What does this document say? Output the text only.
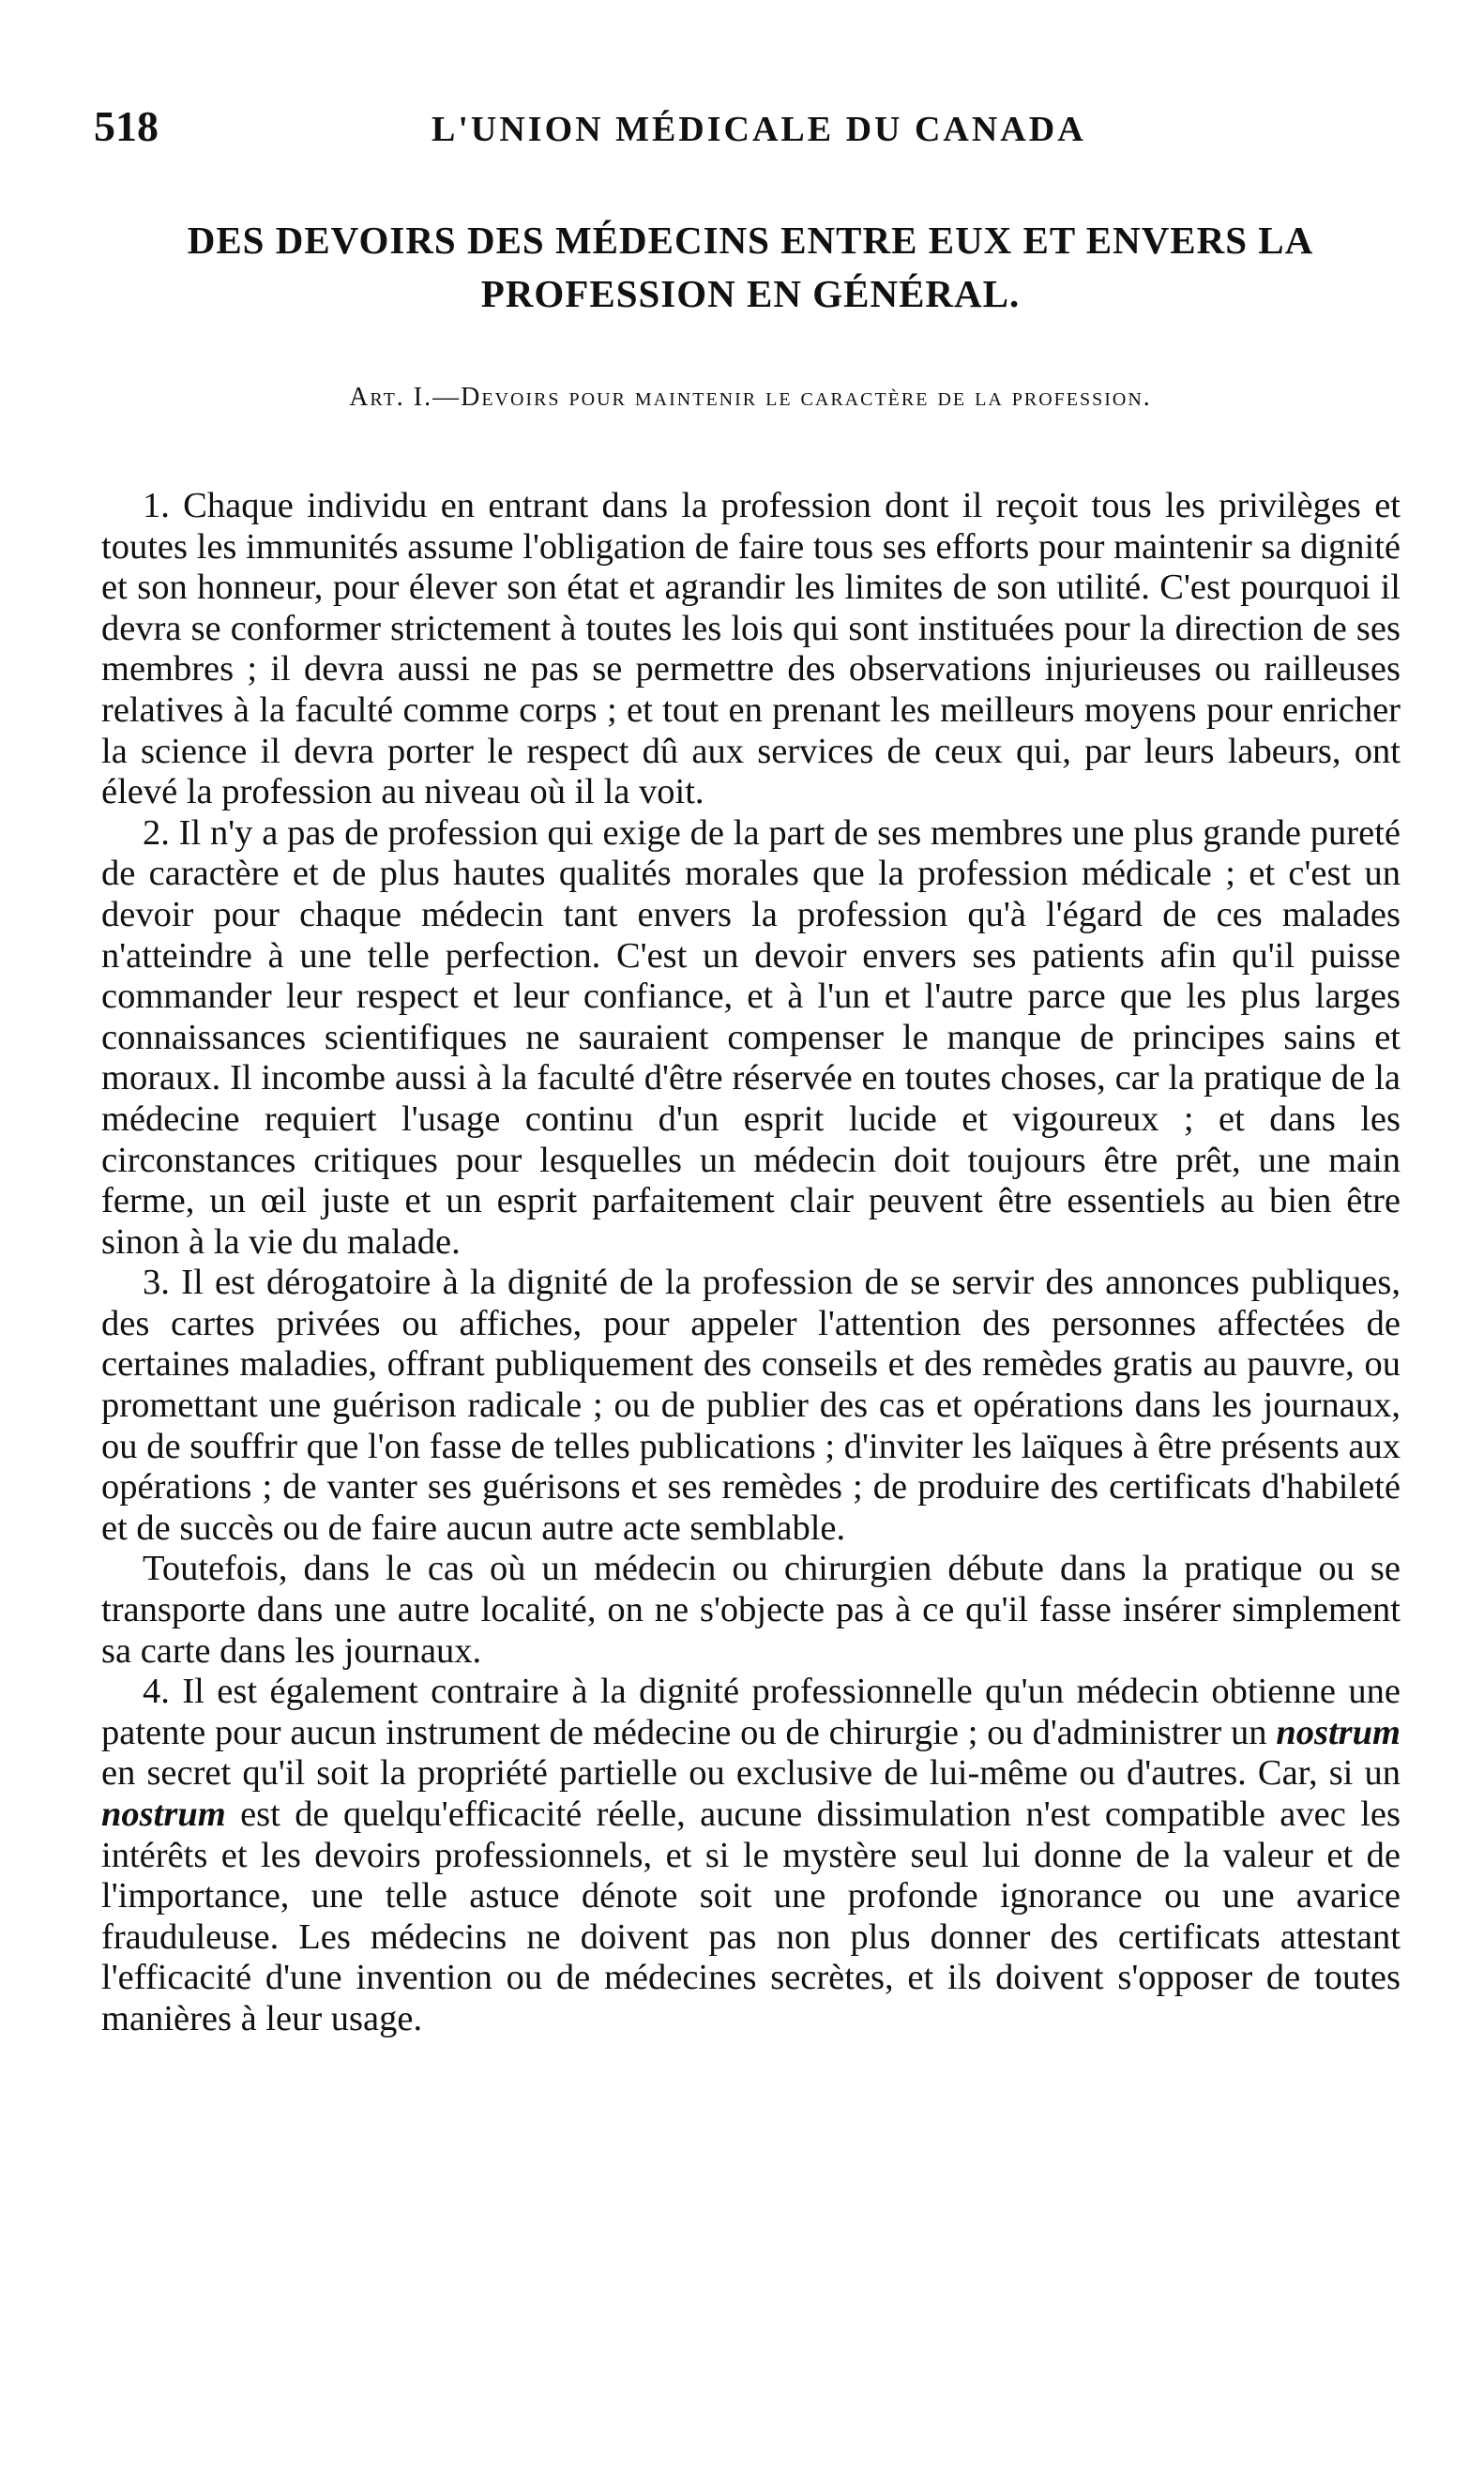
518	L'UNION MÉDICALE DU CANADA
DES DEVOIRS DES MÉDECINS ENTRE EUX ET ENVERS LA PROFESSION EN GÉNÉRAL.
Art. I.—Devoirs pour maintenir le caractère de la profession.

1. Chaque individu en entrant dans la profession dont il reçoit tous les privilèges et toutes les immunités assume l'obligation de faire tous ses efforts pour maintenir sa dignité et son honneur, pour élever son état et agrandir les limites de son utilité. C'est pourquoi il devra se conformer strictement à toutes les lois qui sont instituées pour la direction de ses membres ; il devra aussi ne pas se permettre des observations injurieuses ou railleuses relatives à la faculté comme corps ; et tout en prenant les meilleurs moyens pour enricher la science il devra porter le respect dû aux services de ceux qui, par leurs labeurs, ont élevé la profession au niveau où il la voit.

2. Il n'y a pas de profession qui exige de la part de ses membres une plus grande pureté de caractère et de plus hautes qualités morales que la profession médicale ; et c'est un devoir pour chaque médecin tant envers la profession qu'à l'égard de ces malades n'atteindre à une telle perfection. C'est un devoir envers ses patients afin qu'il puisse commander leur respect et leur confiance, et à l'un et l'autre parce que les plus larges connaissances scientifiques ne sauraient compenser le manque de principes sains et moraux. Il incombe aussi à la faculté d'être réservée en toutes choses, car la pratique de la médecine requiert l'usage continu d'un esprit lucide et vigoureux ; et dans les circonstances critiques pour lesquelles un médecin doit toujours être prêt, une main ferme, un œil juste et un esprit parfaitement clair peuvent être essentiels au bien être sinon à la vie du malade.

3. Il est dérogatoire à la dignité de la profession de se servir des annonces publiques, des cartes privées ou affiches, pour appeler l'attention des personnes affectées de certaines maladies, offrant publiquement des conseils et des remèdes gratis au pauvre, ou promettant une guérison radicale ; ou de publier des cas et opérations dans les journaux, ou de souffrir que l'on fasse de telles publications ; d'inviter les laïques à être présents aux opérations ; de vanter ses guérisons et ses remèdes ; de produire des certificats d'habileté et de succès ou de faire aucun autre acte semblable.

Toutefois, dans le cas où un médecin ou chirurgien débute dans la pratique ou se transporte dans une autre localité, on ne s'objecte pas à ce qu'il fasse insérer simplement sa carte dans les journaux.

4. Il est également contraire à la dignité professionnelle qu'un médecin obtienne une patente pour aucun instrument de médecine ou de chirurgie ; ou d'administrer un nostrum en secret qu'il soit la propriété partielle ou exclusive de lui-même ou d'autres. Car, si un nostrum est de quelqu'efficacité réelle, aucune dissimulation n'est compatible avec les intérêts et les devoirs professionnels, et si le mystère seul lui donne de la valeur et de l'importance, une telle astuce dénote soit une profonde ignorance ou une avarice frauduleuse. Les médecins ne doivent pas non plus donner des certificats attestant l'efficacité d'une invention ou de médecines secrètes, et ils doivent s'opposer de toutes manières à leur usage.
